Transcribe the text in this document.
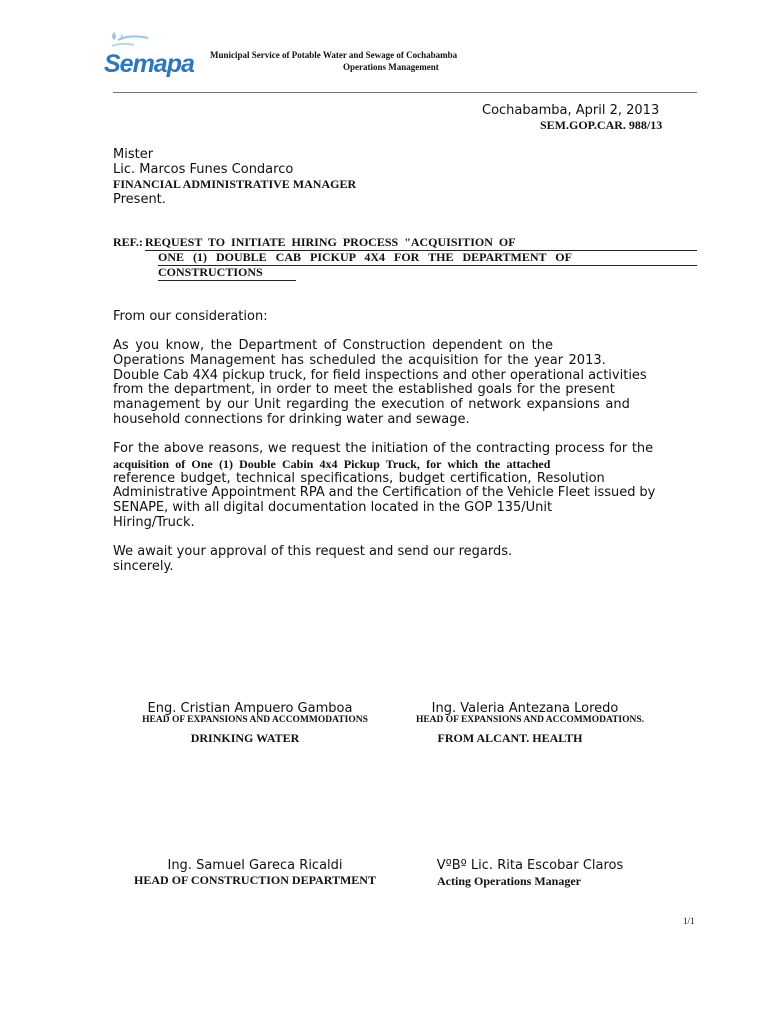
Semapa Municipal Service of Potable Water and Sewage of Cochabamba
Operations Management
Cochabamba, April 2, 2013
SEM.GOP.CAR. 988/13
Mister
Lic. Marcos Funes Condarco
FINANCIAL ADMINISTRATIVE MANAGER
Present.
REF.: REQUEST TO INITIATE HIRING PROCESS "ACQUISITION OF
ONE (1) DOUBLE CAB PICKUP 4X4 FOR THE DEPARTMENT OF
CONSTRUCTIONS
From our consideration:
As you know, the Department of Construction dependent on the
Operations Management has scheduled the acquisition for the year 2013.
Double Cab 4X4 pickup truck, for field inspections and other operational activities
from the department, in order to meet the established goals for the present
management by our Unit regarding the execution of network expansions and
household connections for drinking water and sewage.
For the above reasons, we request the initiation of the contracting process for the
acquisition of One (1) Double Cabin 4x4 Pickup Truck, for which the attached
reference budget, technical specifications, budget certification, Resolution
Administrative Appointment RPA and the Certification of the Vehicle Fleet issued by
SENAPE, with all digital documentation located in the GOP 135/Unit
Hiring/Truck.
We await your approval of this request and send our regards.
sincerely.
Eng. Cristian Ampuero Gamboa
HEAD OF EXPANSIONS AND ACCOMMODATIONS
DRINKING WATER
Ing. Valeria Antezana Loredo
HEAD OF EXPANSIONS AND ACCOMMODATIONS.
FROM ALCANT. HEALTH
Ing. Samuel Gareca Ricaldi
HEAD OF CONSTRUCTION DEPARTMENT
VºBº Lic. Rita Escobar Claros
Acting Operations Manager
1/1
